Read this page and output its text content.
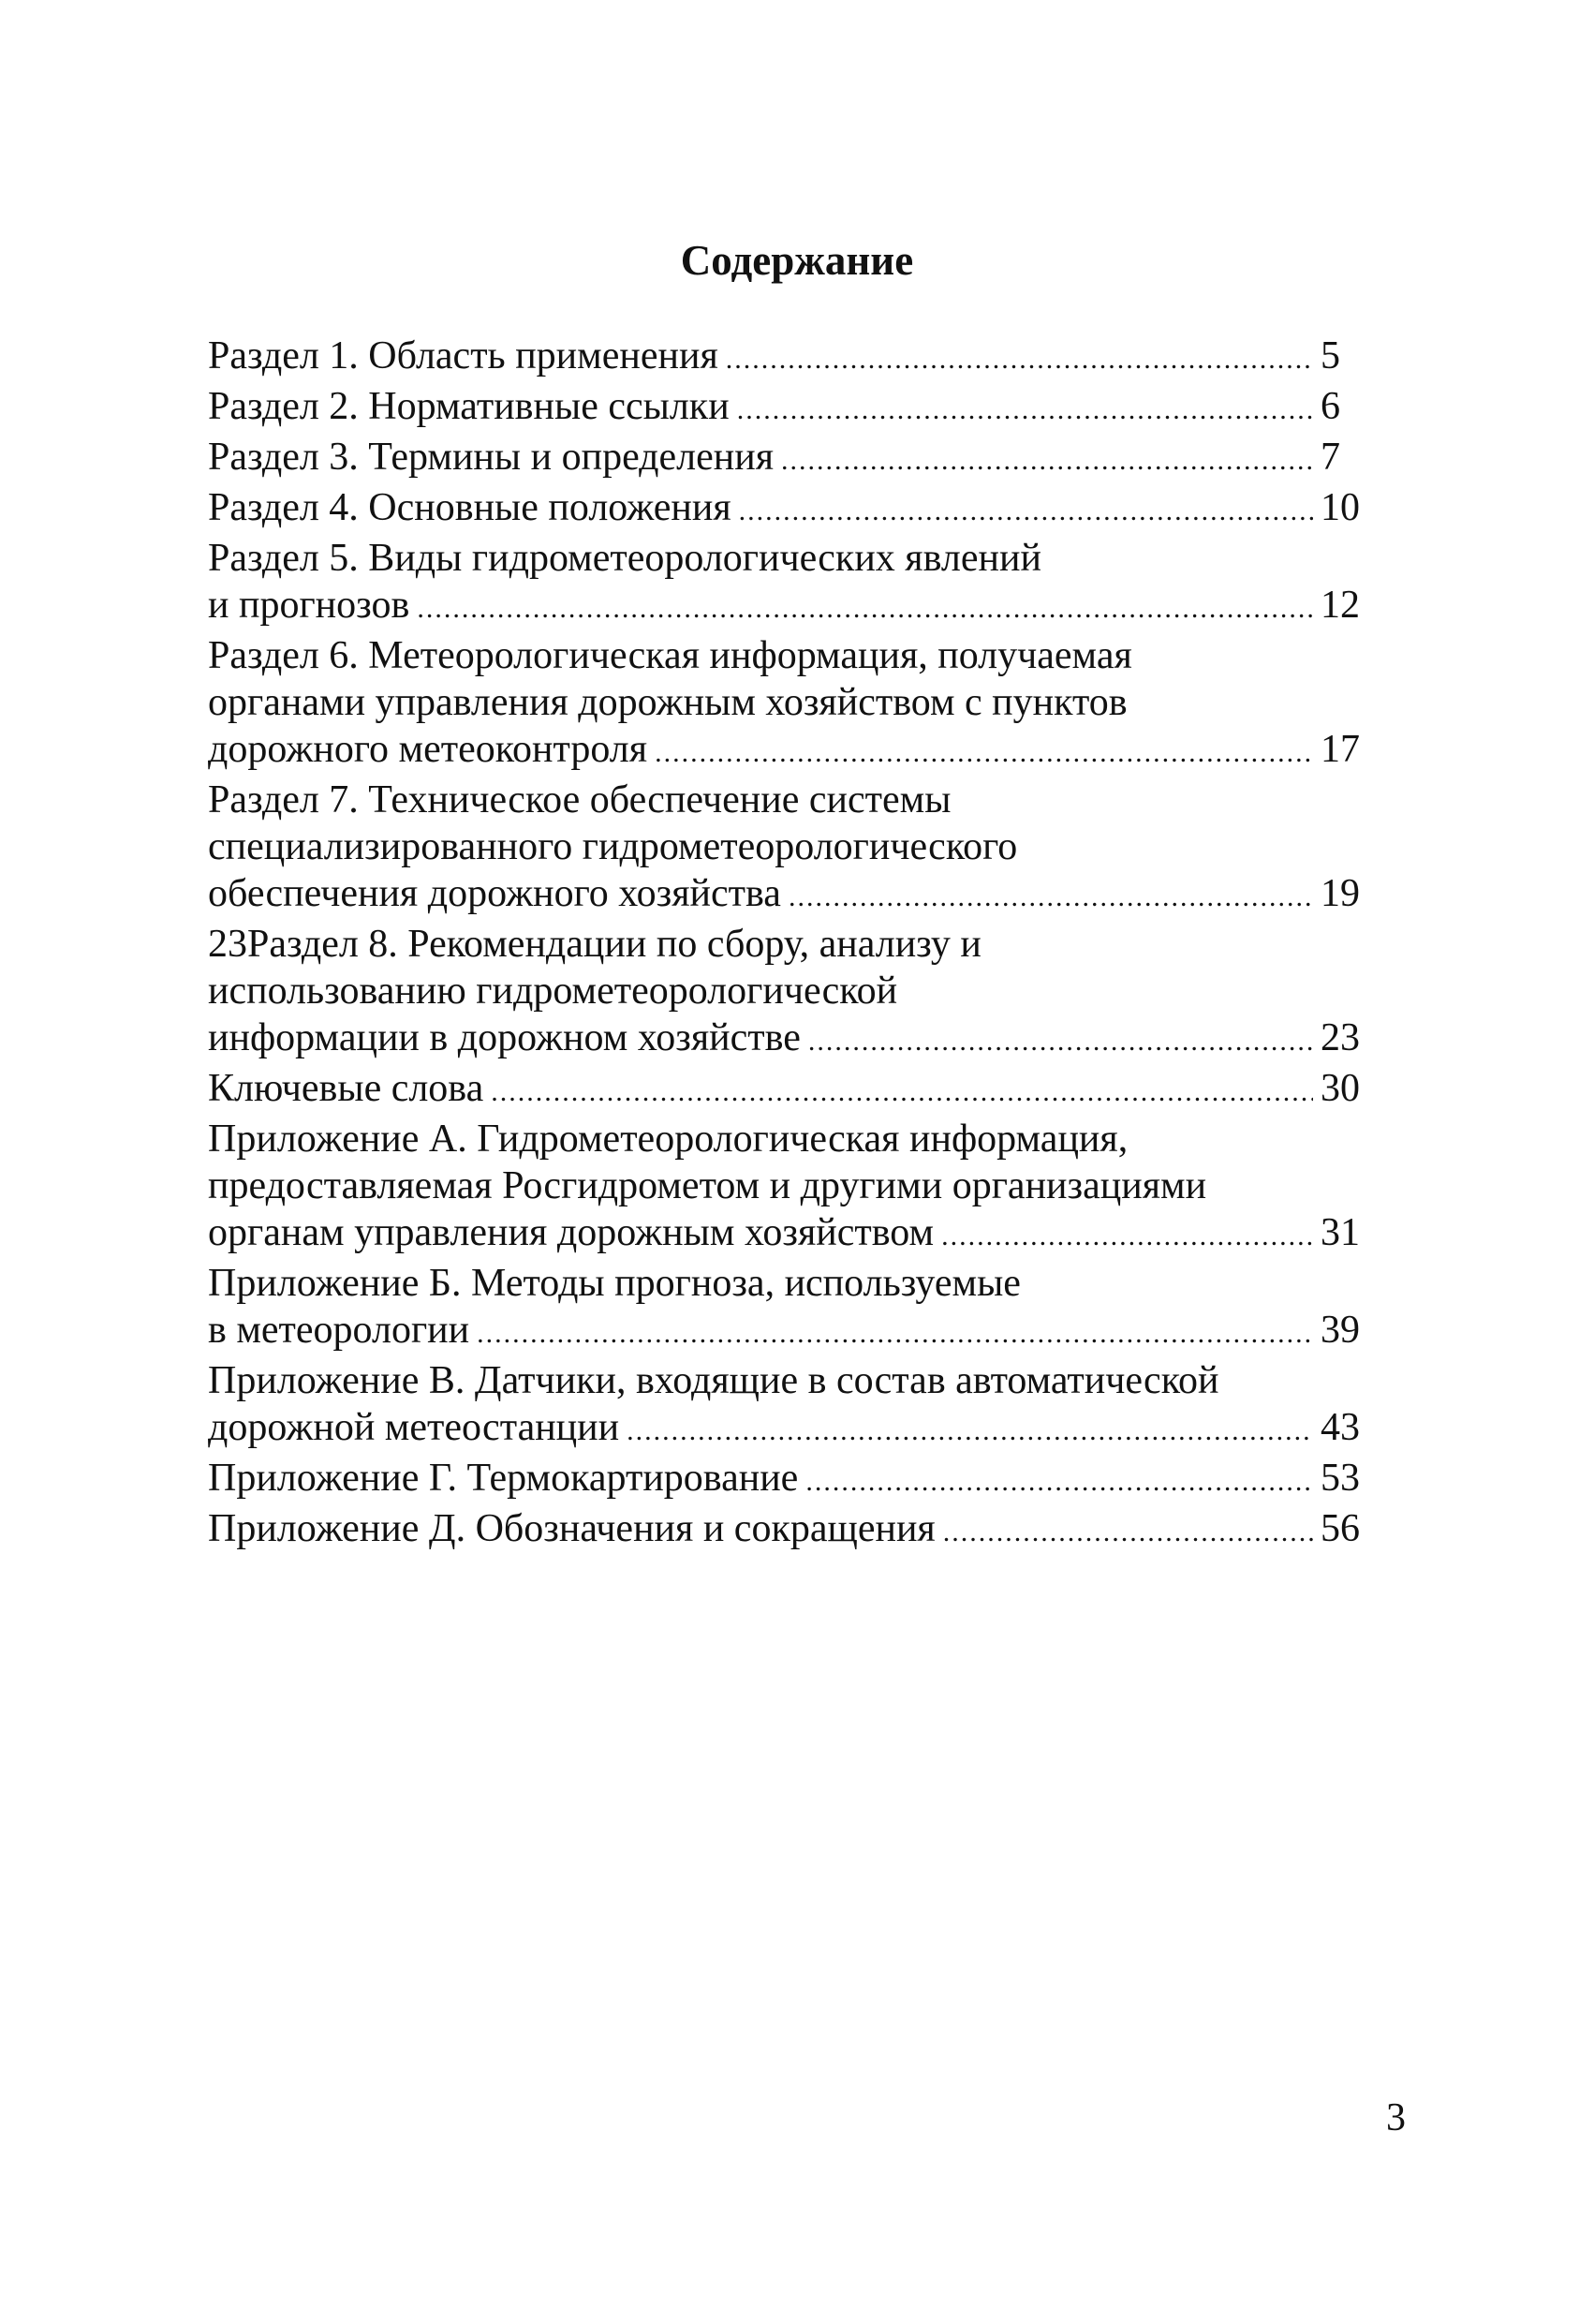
Содержание
Раздел 1. Область применения .....	5
Раздел 2. Нормативные ссылки .....	6
Раздел 3. Термины и определения .....	7
Раздел 4. Основные положения .....	10
Раздел 5. Виды гидрометеорологических явлений
и прогнозов .....	12
Раздел 6. Метеорологическая информация, получаемая
органами управления дорожным хозяйством с пунктов
дорожного метеоконтроля .....	17
Раздел 7. Техническое обеспечение системы
специализированного гидрометеорологического
обеспечения дорожного хозяйства .....	19
23Раздел 8. Рекомендации по сбору, анализу и
использованию гидрометеорологической
информации в дорожном хозяйстве .....	23
Ключевые слова .....	30
Приложение А. Гидрометеорологическая информация,
предоставляемая Росгидрометом и другими организациями
органам управления дорожным хозяйством .....	31
Приложение Б. Методы прогноза, используемые
в метеорологии .....	39
Приложение В. Датчики, входящие в состав автоматической
дорожной метеостанции .....	43
Приложение Г. Термокартирование .....	53
Приложение Д. Обозначения и сокращения .....	56
3
